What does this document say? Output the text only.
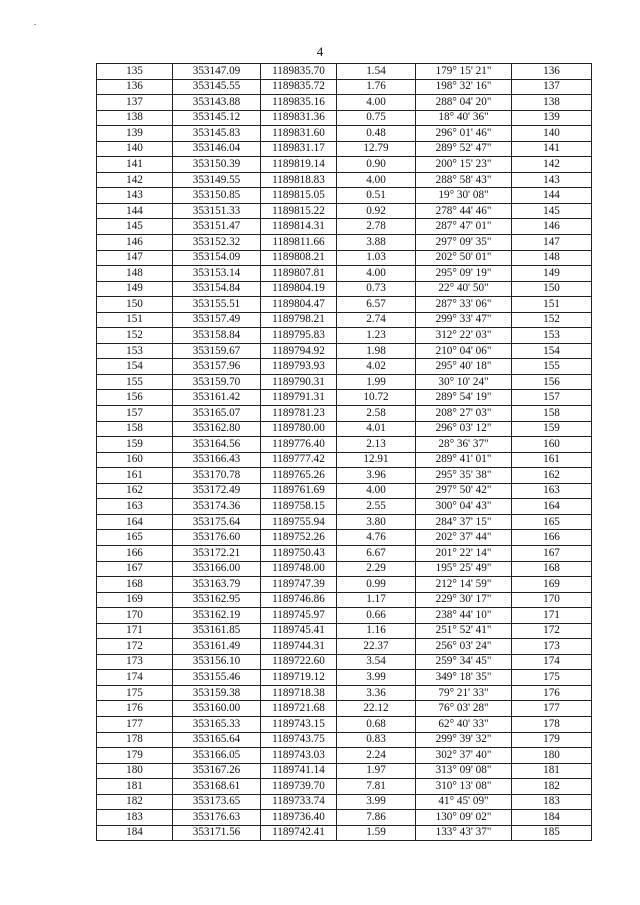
4
135	353147.09	1189835.70	1.54	179° 15' 21"	136
136	353145.55	1189835.72	1.76	198° 32' 16"	137
137	353143.88	1189835.16	4.00	288° 04' 20"	138
138	353145.12	1189831.36	0.75	18° 40' 36"	139
139	353145.83	1189831.60	0.48	296° 01' 46"	140
140	353146.04	1189831.17	12.79	289° 52' 47"	141
141	353150.39	1189819.14	0.90	200° 15' 23"	142
142	353149.55	1189818.83	4.00	288° 58' 43"	143
143	353150.85	1189815.05	0.51	19° 30' 08"	144
144	353151.33	1189815.22	0.92	278° 44' 46"	145
145	353151.47	1189814.31	2.78	287° 47' 01"	146
146	353152.32	1189811.66	3.88	297° 09' 35"	147
147	353154.09	1189808.21	1.03	202° 50' 01"	148
148	353153.14	1189807.81	4.00	295° 09' 19"	149
149	353154.84	1189804.19	0.73	22° 40' 50"	150
150	353155.51	1189804.47	6.57	287° 33' 06"	151
151	353157.49	1189798.21	2.74	299° 33' 47"	152
152	353158.84	1189795.83	1.23	312° 22' 03"	153
153	353159.67	1189794.92	1.98	210° 04' 06"	154
154	353157.96	1189793.93	4.02	295° 40' 18"	155
155	353159.70	1189790.31	1.99	30° 10' 24"	156
156	353161.42	1189791.31	10.72	289° 54' 19"	157
157	353165.07	1189781.23	2.58	208° 27' 03"	158
158	353162.80	1189780.00	4.01	296° 03' 12"	159
159	353164.56	1189776.40	2.13	28° 36' 37"	160
160	353166.43	1189777.42	12.91	289° 41' 01"	161
161	353170.78	1189765.26	3.96	295° 35' 38"	162
162	353172.49	1189761.69	4.00	297° 50' 42"	163
163	353174.36	1189758.15	2.55	300° 04' 43"	164
164	353175.64	1189755.94	3.80	284° 37' 15"	165
165	353176.60	1189752.26	4.76	202° 37' 44"	166
166	353172.21	1189750.43	6.67	201° 22' 14"	167
167	353166.00	1189748.00	2.29	195° 25' 49"	168
168	353163.79	1189747.39	0.99	212° 14' 59"	169
169	353162.95	1189746.86	1.17	229° 30' 17"	170
170	353162.19	1189745.97	0.66	238° 44' 10"	171
171	353161.85	1189745.41	1.16	251° 52' 41"	172
172	353161.49	1189744.31	22.37	256° 03' 24"	173
173	353156.10	1189722.60	3.54	259° 34' 45"	174
174	353155.46	1189719.12	3.99	349° 18' 35"	175
175	353159.38	1189718.38	3.36	79° 21' 33"	176
176	353160.00	1189721.68	22.12	76° 03' 28"	177
177	353165.33	1189743.15	0.68	62° 40' 33"	178
178	353165.64	1189743.75	0.83	299° 39' 32"	179
179	353166.05	1189743.03	2.24	302° 37' 40"	180
180	353167.26	1189741.14	1.97	313° 09' 08"	181
181	353168.61	1189739.70	7.81	310° 13' 08"	182
182	353173.65	1189733.74	3.99	41° 45' 09"	183
183	353176.63	1189736.40	7.86	130° 09' 02"	184
184	353171.56	1189742.41	1.59	133° 43' 37"	185
